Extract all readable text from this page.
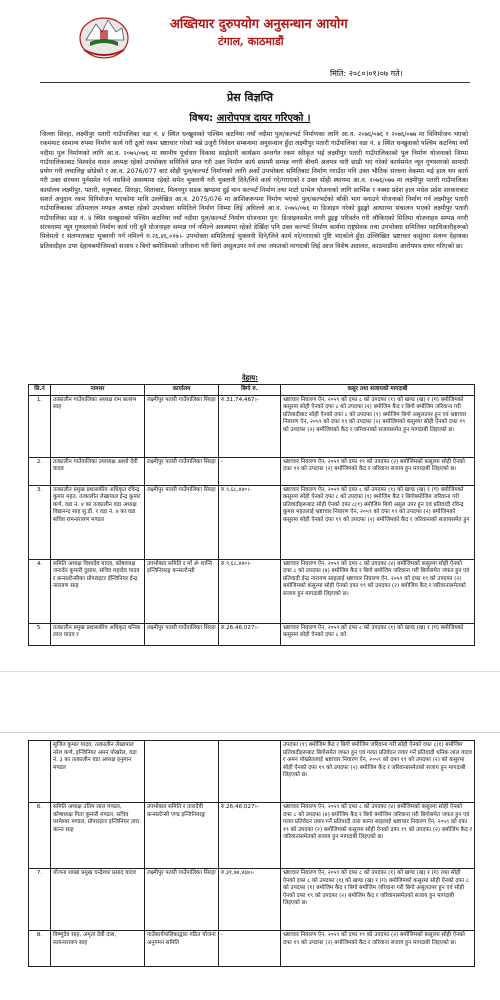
अख्तियार दुरुपयोग अनुसन्धान आयोग
टंगाल, काठमाडौं
मिति: २०८०।०१।०७ गते।
प्रेस विज्ञप्ति
विषय: आरोपपत्र दायर गरिएको ।
जिल्ला सिरहा, लक्ष्मीपुर पतारी गाउँपालिका वडा नं. ४ स्थित धन्खुवाको पश्चिम कटनिया नयाँ नदीमा पुल/कल्भर्ट निर्माणका लागि आ.व. २०७६/०७६ र २०७६/०७७ मा विनियोजन भएको रकममाट सामान्य रुपमा निर्माण कार्य गरी ठूलो रकम भ्रष्टाचार गरेको भन्ने उजुरी निवेदन सम्बन्धमा अनुसन्धान हुँदा लक्ष्मीपुर पतारी गाउँपालिका वडा नं. ४ स्थित धन्खुवाको पश्चिम कटनिया नयाँ नदीमा पुल निर्माणको लागि आ.व. २०७५/०७६ मा स्थानीय पूर्वाधार विकास साझेदारी कार्यक्रम अन्तर्गत रकम स्वीकृत भई लक्ष्मीपुर पतारी गाउँपालिकाको पुल निर्माण योजनाको जिम्मा गाउँपालिकाबाट विश्वदेव यादव अध्यक्ष रहेको उपभोक्ता समितिले प्राप्त गरी उक्त निर्माण कार्य समयमै सम्पन्न नगरी बीचमै अलपत्र पारी छाडी भए गरेको कार्यसमेत न्यून गुणस्तरको सामाग्री प्रयोग गरी लथालिङ्ग छोडेको र आ.व. 2076/077 बाट सोही पुल/कल्भर्ट निर्माणको लागि अर्को उपभोक्ता समितिबाट निर्माण गराउँदा पनि उक्त भौतिक संरचना वेकम्मा भई हाल थप कार्य गरी उक्त संरचना पुर्नसमेत गर्न नसकिने अवस्थामा रहेको समेत भुक्तानी गरी भुक्तानी दिने/लिने कार्य गरे/गराएको र उक्त सोही स्थानमा आ.व. २०७६/०७७ मा लक्ष्मीपुर पतारी गाउँपालिका कार्यालय लक्ष्मीपुर, पतारी, धनुषबाट, सिराहा, सिताबाट, मिलनपुर सडक खण्डमा दुई थान कल्भर्ट निर्माण तथा माटो ग्राभेल योजनाको लागि सार्भिक र नक्सा प्रदेश हाल मधेश प्रदेश सरकारबाट सशर्त अनुदान रकम विनियोजन भएकोमा माथि उल्लेखित आ.व. 2075/076 मा आंशिकरूपमा निर्माण भएको पुल/कल्भर्टको बाँकी भाग बनाउने योजनाको निर्माण गर्न लक्ष्मीपुर पतारी गाउँपालिकाका उतिमलाल मण्डल अध्यक्ष रहेको उपभोक्ता समितिले निर्माण जिम्मा लिई अघिल्लो आ.व. २०७५/०७६ मा डिजाइन गरेको डुइङ्को आधारमा संचालन भएको लक्ष्मीपुर पतारी गाउँपालिका वडा नं. ४ स्थित धन्खुवाको पश्चिम कटनिया नयाँ नदीमा पुल/कल्भर्ट निर्माण योजनामा पुन: डिजाइनसमेत नगरी डुइङ्ग परिवर्तन गरी लौकिएको मितिमा योजनाहरु सम्पन्न नगरी संरचनामा न्यून गुणस्तरको निर्माण कार्य गरी दुवै योजनाहरु सम्पन्न गर्न नमिल्ने अवस्थामा रहेको देखिँदा पनि उक्त कल्भर्ट निर्माण कार्यमा राष्ट्रसेवक तथा उपभोक्ता समितिका पदाधिकारीहरूको मिलेमतो र संलग्नताबाट भुक्तानी गर्न नमिल्ने रु.२६,४६,०२७।- उपभोक्ता समितिलाई भुक्तानी दिने/लिने कार्य गरे/गराएको पुष्टि भएकोले हुँदा उल्लिखित भ्रष्टाचार कसुरमा संलग्न देहायका प्रतिवादीहरु उपर देहायबमोजिमको सजाय र बिगो बमोजिमको जरिवाना गरी बिगो असुलउपर गर्न तथा जफतको मागदाबी लिई आज विशेष अदालत, काठमाडौंमा आरोपपत्र दायर गरिएको छ।
देहाय:
सि.नं	नामथर	कार्यालय	बिगो रु.	कसुर तथा सजायको मागदाबी
1.	तत्कालीन गाउँपालिका अध्यक्ष राम बल्लभ साह	लक्ष्मीपुर पतारी गाउँपालिका सिरहा	रु.31,74,467।-	भ्रष्टाचार निवारण ऐन, २०५९ को दफा ८ को उपदफा (१) को खण्ड (ख) र (ग) बमोजिमको कसुरमा सोही ऐनको दफा ८ को उपदफा (१) बमोजिम कैद र बिगो बमोजिम जरिवाना गरी प्रतिवादीबाट सोही ऐनको दफा ८ को उपदफा (१) बमोजिम बिगो असुलउपर हुन एवं भ्रष्टाचार निवारण ऐन, २०५९ को दफा १९ को उपदफा (२) बमोजिमको कसुरमा सोही ऐनको दफा १९ को उपदफा (२) बमोजिमको कैद र जरिवानाको सजायसमेत हुन मागदाबी लिइएको छ।
2.	तत्कालीन गाउँपालिका उपाध्यक्ष आशो देवी यादव	लक्ष्मीपुर पतारी गाउँपालिका सिरहा	-	भ्रष्टाचार निवारण ऐन, २०५९ को दफा १९ को उपदफा (२) बमोजिमको कसुरमा सोही ऐनको दफा १९ को उपदफा (२) बमोजिमको कैद र जरिवाना सजाय हुन मागदाबी लिइएको छ।
3.	तत्कालीन प्रमुख प्रशासकीय अधिकृत रविन्द्र कुमार महत, तत्कालीन लेखापाल ईन्द्र कुमार कर्ण, वडा नं. ४ का तत्कालीन वडा अध्यक्ष विद्यानन्द साह सु.डी. र वडा नं. ४ का वडा सचिव रामनारायण मण्डल	लक्ष्मीपुर पतारी गाउँपालिका सिरहा	रु.९,६८,४४०।-	भ्रष्टाचार निवारण ऐन, २०५९ को दफा ८ को उपदफा (१) को खण्ड (ख) र (ग) बमोजिमको कसुरमा सोही ऐनको दफा ८ को उपदफा (१) बमोजिम कैद र बिगोबमोजिम जरिवाना गरी प्रतिवादीहरूबाट सोही ऐनको दफा ८(१) बमोजिम बिगो असुल उपर हुन एवं प्रतिवादी रविन्द्र कुमार महतलाई भ्रष्टाचार निवारण ऐन, २०५९ को दफा १९ को उपदफा (२) बमोजिमको कसुरमा सोही ऐनको दफा १९ को उपदफा (२) बमोजिमको कैद र जरिवानाको सजायसमेत हुन
4.	समिति अध्यक्ष विश्वदेव यादव, कोषाध्यक्ष जनार्दन कुमारी दुसाध, सचिव महादेव यादव र कन्सल्टेन्सीका प्रोपराइटर ईन्जिनियर ईन्द्र नारायण साह	उपभोक्ता समिति र माँ ॐ शान्ति इन्जिनियरङ्ग कन्सल्टेन्सी	रु.९,६८,४४०।-	भ्रष्टाचार निवारण ऐन, २०५९ को दफा ८ को उपदफा (४) बमोजिमको कसुरमा सोही ऐनको दफा ८ को उपदफा (४) बमोजिम कैद र बिगो बमोजिम जरिवाना गरी बिगोसमेत जफत हुन एवं प्रतिवादी ईन्द्र नारायण साहलाई भ्रष्टाचार निवारण ऐन, २०५९ को दफा १९ को उपदफा (२) बमोजिमको कसुरमा सोही ऐनको दफा १९ को उपदफा (२) बमोजिम कैद र जरिवानासमेतको सजाय हुन मागदाबी लिइएको छ।
5.	तत्कालीन प्रमुख प्रशासकीय अधिकृत धनिक लाल यादव र	लक्ष्मीपुर पतारी गाउँपालिका सिरहा	रु.26,46,027।-	भ्रष्टाचार निवारण ऐन, २०५९ को दफा ८ को उपदफा (१) को खण्ड (ख) र (ग) बमोजिमको कसुरमा सोही ऐनको दफा ८ को
	सुजित कुमार यादव, तत्कालीन लेखापाल नरेश कर्ण, इन्जिनियर अमन पोखरेल, वडा नं. ३ का तत्कालीन वडा अध्यक्ष हनुमान मण्डल			उपदफा (१) बमोजिम कैद र बिगो बमोजिम जरिवाना गरी सोही ऐनको दफा ८(१) बमोजिम प्रतिवादीहरूबाट बिगोसमेत जफत हुन एवं गलत प्रतिवेदन तयार गर्ने प्रतिवादी धनिक लाल यादव र अमन पोखरेललाई भ्रष्टाचार निवारण ऐन, २०५९ को दफा १९ को उपदफा (२) को कसुरमा सोही ऐनको दफा १९ को उपदफा (२) बमोजिम कैद र जरिवानासमेतको सजाय हुन मागदाबी लिइएको छ।
6.	समिति अध्यक्ष उतिम लाल मण्डल, कोषाध्यक्ष गिता कुमारी मण्डल, सचिव परमेश्वर मण्डल, प्रोपराइटर इन्जिनियर तारा कान्त साह	उपभोक्ता समिति र तारादेवी कन्सल्टेन्सी एण्ड इन्जिनियरङ्ग	रु.26,46,027।-	भ्रष्टाचार निवारण ऐन, २०५९ को दफा ८ को उपदफा (४) बमोजिमको कसुरमा सोही ऐनको दफा ८ को उपदफा (४) बमोजिम कैद र बिगो बमोजिम जरिवाना गरी बिगोसमेत जफत हुन एवं गलत प्रतिवेदन तयार गर्ने प्रतिवादी तारा कान्त साहलाई भ्रष्टाचार निवारण ऐन, २०५९ को दफा १९ को उपदफा (२) बमोजिमको कसुरमा सोही ऐनको दफा १९ को उपदफा (२) बमोजिम कैद र जरिवानासमेतको सजाय हुन मागदाबी लिइएको छ।
7.	योजना शाखा प्रमुख चन्द्रेश्वर प्रसाद यादव	लक्ष्मीपुर पतारी गाउँपालिका सिरहा	रु.३१,७४,४६७।-	भ्रष्टाचार निवारण ऐन, २०५९ को दफा ८ को उपदफा (१) को खण्ड (ख) र (ग) तथा सोही ऐनको दफा ८ को उपदफा (१) को खण्ड (ख) र (ग) बमोजिमको कसुरमा सोही ऐनको दफा ८ को उपदफा (१) बमोजिम कैद र बिगो बमोजिम जरिवाना गरी बिगो असुलउपर हुन एवं सोही ऐनको दफा १९ को उपदफा (२) बमोजिम कैद र जरिवानासमेतको सजाय हुन मागदाबी लिइएको छ।
8.	विष्णुदेव साह, अमृता देवी दास, सत्यनारायण साह	गाउँकार्यपालिकाद्वारा गठित योजना अनुगमन समिति	-	भ्रष्टाचार निवारण ऐन, २०५९ को दफा १९ को उपदफा (२) बमोजिमको कसुरमा सोही ऐनको दफा १९ को उपदफा (२) बमोजिमको कैद र जरिवाना सजाय हुन मागदाबी लिइएको छ।
